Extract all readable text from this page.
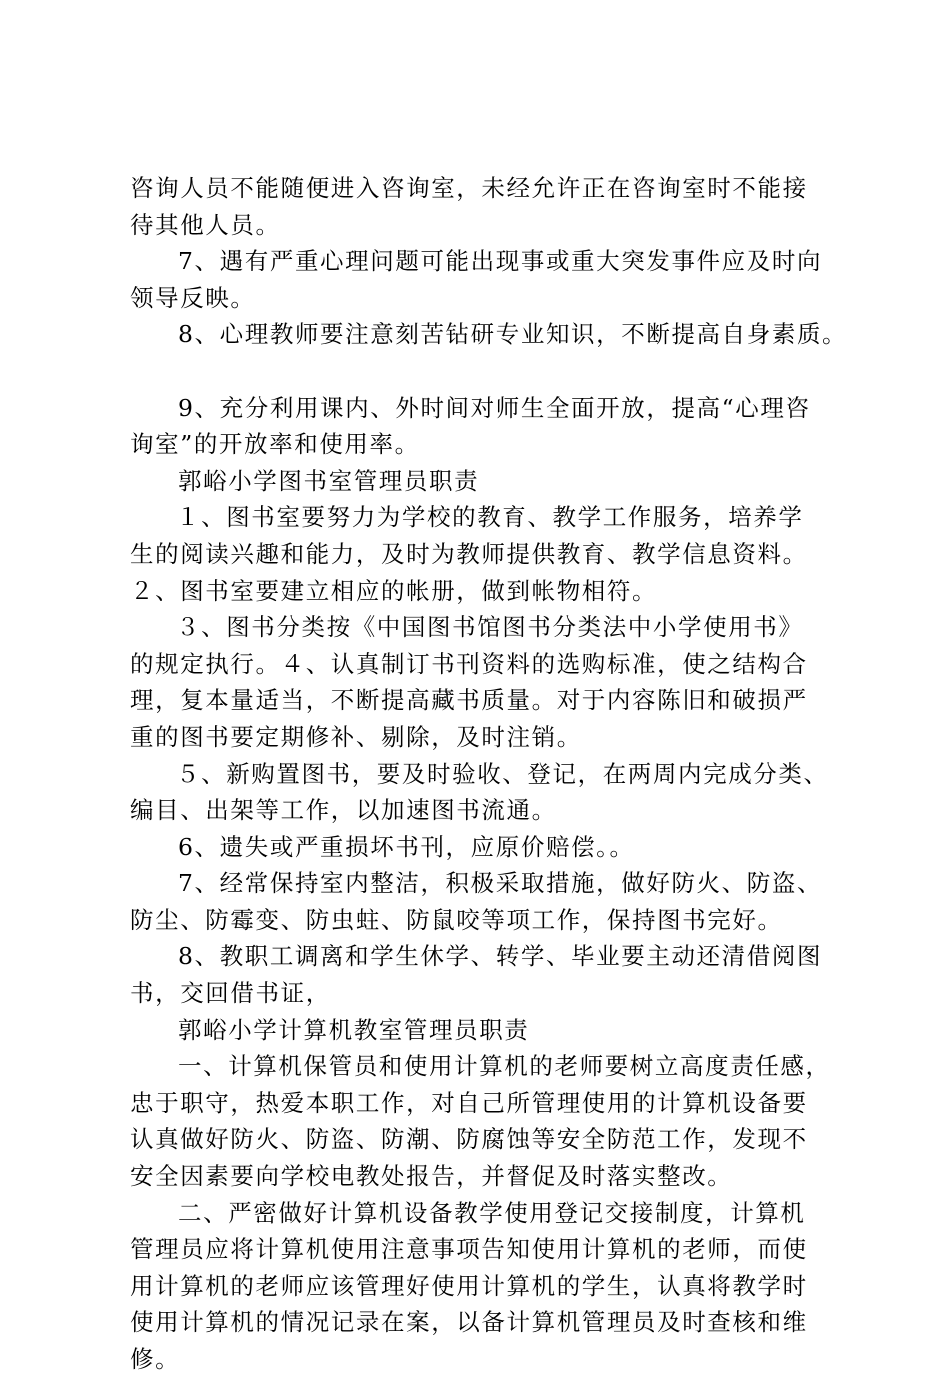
咨询人员不能随便进入咨询室，未经允许正在咨询室时不能接
待其他人员。
7、遇有严重心理问题可能出现事或重大突发事件应及时向
领导反映。
8、心理教师要注意刻苦钻研专业知识，不断提高自身素质。
9、充分利用课内、外时间对师生全面开放，提高“心理咨
询室”的开放率和使用率。
郭峪小学图书室管理员职责
１、图书室要努力为学校的教育、教学工作服务，培养学
生的阅读兴趣和能力，及时为教师提供教育、教学信息资料。
２、图书室要建立相应的帐册，做到帐物相符。
３、图书分类按《中国图书馆图书分类法中小学使用书》
的规定执行。４、认真制订书刊资料的选购标准，使之结构合
理，复本量适当，不断提高藏书质量。对于内容陈旧和破损严
重的图书要定期修补、剔除，及时注销。
５、新购置图书，要及时验收、登记，在两周内完成分类、
编目、出架等工作，以加速图书流通。
6、遗失或严重损坏书刊，应原价赔偿。。
7、经常保持室内整洁，积极采取措施，做好防火、防盗、
防尘、防霉变、防虫蛀、防鼠咬等项工作，保持图书完好。
8、教职工调离和学生休学、转学、毕业要主动还清借阅图
书，交回借书证，
郭峪小学计算机教室管理员职责
一、计算机保管员和使用计算机的老师要树立高度责任感，
忠于职守，热爱本职工作，对自己所管理使用的计算机设备要
认真做好防火、防盗、防潮、防腐蚀等安全防范工作，发现不
安全因素要向学校电教处报告，并督促及时落实整改。
二、严密做好计算机设备教学使用登记交接制度，计算机
管理员应将计算机使用注意事项告知使用计算机的老师，而使
用计算机的老师应该管理好使用计算机的学生，认真将教学时
使用计算机的情况记录在案，以备计算机管理员及时查核和维
修。
